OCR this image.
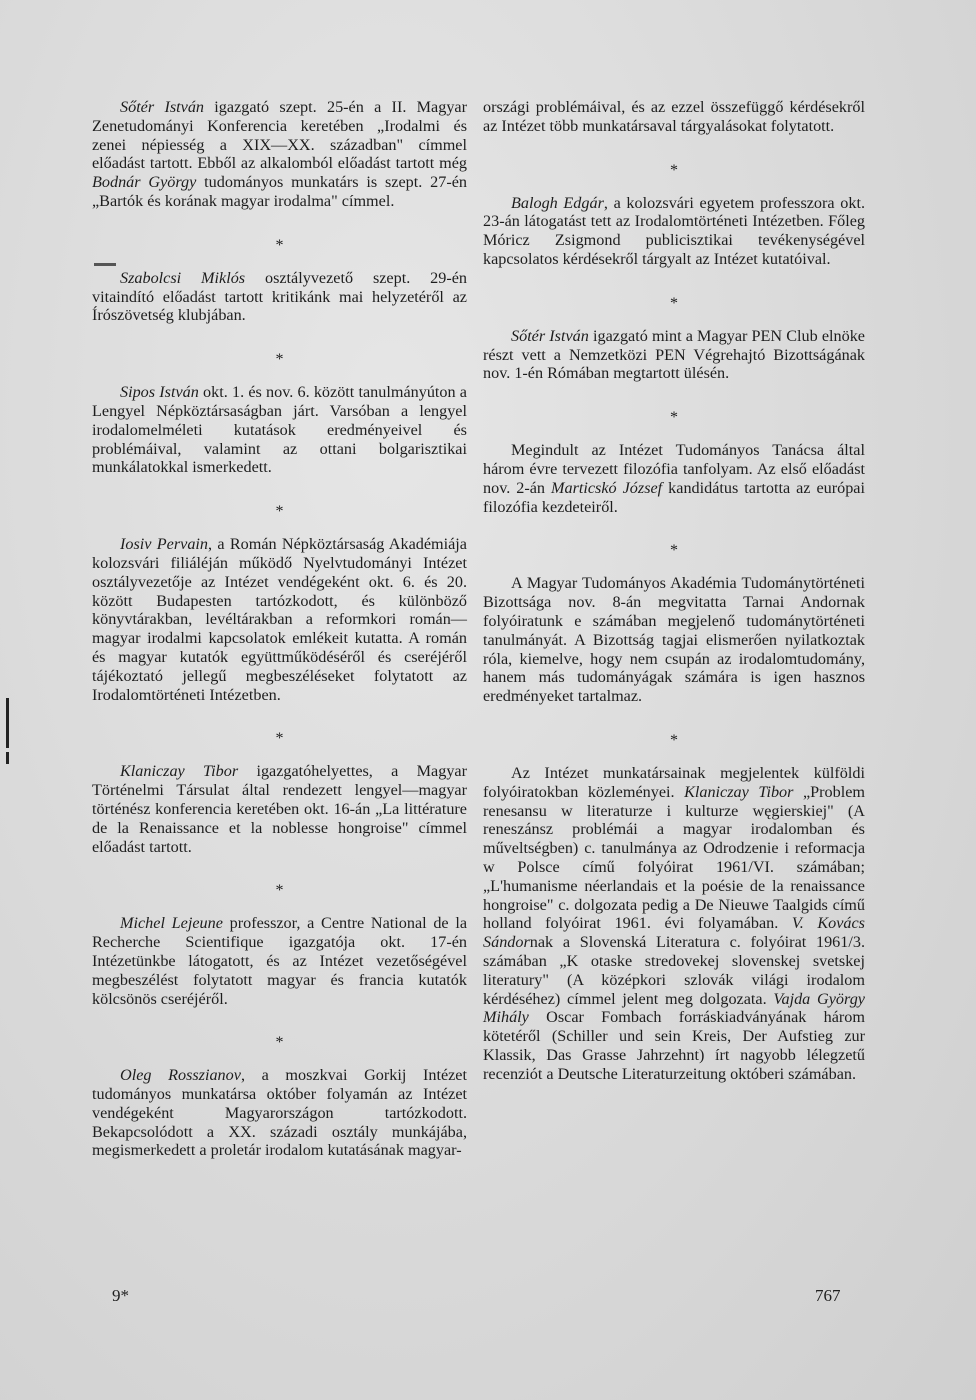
Sőtér István igazgató szept. 25-én a II. Magyar Zenetudományi Konferencia keretében „Irodalmi és zenei népiesség a XIX—XX. században" címmel előadást tartott. Ebből az alkalomból előadást tartott még Bodnár György tudományos munkatárs is szept. 27-én „Bartók és korának magyar irodalma" címmel.

*

Szabolcsi Miklós osztályvezető szept. 29-én vitaindító előadást tartott kritikánk mai helyzetéről az Írószövetség klubjában.

*

Sipos István okt. 1. és nov. 6. között tanulmányúton a Lengyel Népköztársaságban járt. Varsóban a lengyel irodalomelméleti kutatások eredményeivel és problémáival, valamint az ottani bolgarisztikai munkálatokkal ismerkedett.

*

Iosiv Pervain, a Román Népköztársaság Akadémiája kolozsvári filiáléján működő Nyelvtudományi Intézet osztályvezetője az Intézet vendégeként okt. 6. és 20. között Budapesten tartózkodott, és különböző könyvtárakban, levéltárakban a reformkori román—magyar irodalmi kapcsolatok emlékeit kutatta. A román és magyar kutatók együttműködéséről és cseréjéről tájékoztató jellegű megbeszéléseket folytatott az Irodalomtörténeti Intézetben.

*

Klaniczay Tibor igazgatóhelyettes, a Magyar Történelmi Társulat által rendezett lengyel—magyar történész konferencia keretében okt. 16-án „La littérature de la Renaissance et la noblesse hongroise" címmel előadást tartott.

*

Michel Lejeune professzor, a Centre National de la Recherche Scientifique igazgatója okt. 17-én Intézetünkbe látogatott, és az Intézet vezetőségével megbeszélést folytatott magyar és francia kutatók kölcsönös cseréjéről.

*

Oleg Rosszianov, a moszkvai Gorkij Intézet tudományos munkatársa október folyamán az Intézet vendégeként Magyarországon tartózkodott. Bekapcsolódott a XX. századi osztály munkájába, megismerkedett a proletár irodalom kutatásának magyar-

országi problémáival, és az ezzel összefüggő kérdésekről az Intézet több munkatársaval tárgyalásokat folytatott.

*

Balogh Edgár, a kolozsvári egyetem professzora okt. 23-án látogatást tett az Irodalomtörténeti Intézetben. Főleg Móricz Zsigmond publicisztikai tevékenységével kapcsolatos kérdésekről tárgyalt az Intézet kutatóival.

*

Sőtér István igazgató mint a Magyar PEN Club elnöke részt vett a Nemzetközi PEN Végrehajtó Bizottságának nov. 1-én Rómában megtartott ülésén.

*

Megindult az Intézet Tudományos Tanácsa által három évre tervezett filozófia tanfolyam. Az első előadást nov. 2-án Marticskó József kandidátus tartotta az európai filozófia kezdeteiről.

*

A Magyar Tudományos Akadémia Tudománytörténeti Bizottsága nov. 8-án megvitatta Tarnai Andornak folyóiratunk e számában megjelenő tudománytörténeti tanulmányát. A Bizottság tagjai elismerően nyilatkoztak róla, kiemelve, hogy nem csupán az irodalomtudomány, hanem más tudományágak számára is igen hasznos eredményeket tartalmaz.

*

Az Intézet munkatársainak megjelentek külföldi folyóiratokban közleményei. Klaniczay Tibor „Problem renesansu w literaturze i kulturze węgierskiej" (A reneszánsz problémái a magyar irodalomban és műveltségben) c. tanulmánya az Odrodzenie i reformacja w Polsce című folyóirat 1961/VI. számában; „L'humanisme néerlandais et la poésie de la renaissance hongroise" c. dolgozata pedig a De Nieuwe Taalgids című holland folyóirat 1961. évi folyamában. V. Kovács Sándornak a Slovenská Literatura c. folyóirat 1961/3. számában „K otaske stredovekej slovenskej svetskej literatury" (A középkori szlovák világi irodalom kérdéséhez) címmel jelent meg dolgozata. Vajda György Mihály Oscar Fombach forráskiadványának három kötetéről (Schiller und sein Kreis, Der Aufstieg zur Klassik, Das Grasse Jahrzehnt) írt nagyobb lélegzetű recenziót a Deutsche Literaturzeitung októberi számában.

9*	767
